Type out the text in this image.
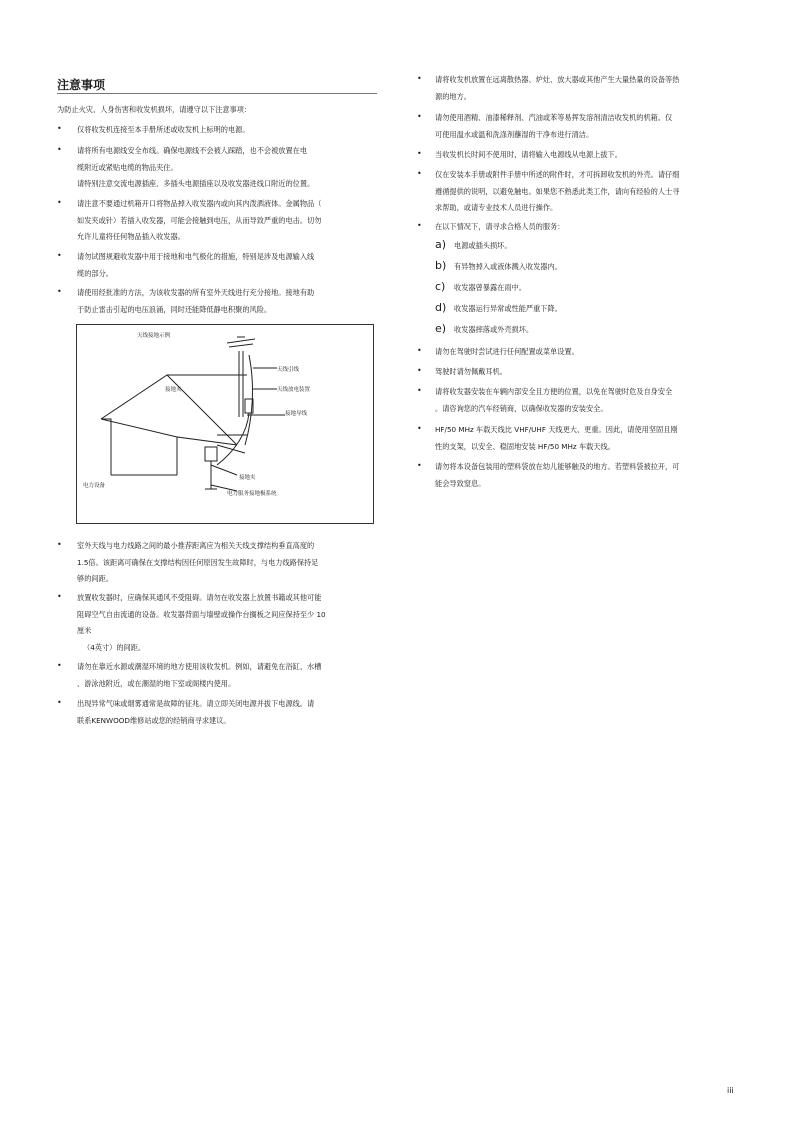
注意事项
为防止火灾、人身伤害和收发机损坏，请遵守以下注意事项：
• 仅将收发机连接至本手册所述或收发机上标明的电源。
• 请将所有电源线安全布线。确保电源线不会被人踩踏，也不会被放置在电
缆附近或紧贴电缆的物品夹住。
请特别注意交流电源插座、多插头电源插座以及收发器进线口附近的位置。
• 请注意不要通过机箱开口将物品掉入收发器内或向其内泼洒液体。金属物品（
如发夹或针）若插入收发器，可能会接触到电压，从而导致严重的电击。切勿
允许儿童将任何物品插入收发器。
• 请勿试图规避收发器中用于接地和电气极化的措施，特别是涉及电源输入线
缆的部分。
• 请使用经批准的方法，为该收发器的所有室外天线进行充分接地。接地有助
于防止雷击引起的电压浪涌，同时还能降低静电积聚的风险。
• 室外天线与电力线路之间的最小推荐距离应为相关天线支撑结构垂直高度的
1.5倍。该距离可确保在支撑结构因任何原因发生故障时，与电力线路保持足
够的间距。
• 放置收发器时，应确保其通风不受阻碍。请勿在收发器上放置书籍或其他可能
阻碍空气自由流通的设备。收发器背面与墙壁或操作台搁板之间应保持至少 10
厘米
（4英寸）的间距。
• 请勿在靠近水源或潮湿环境的地方使用该收发机。例如，请避免在浴缸、水槽
、游泳池附近，或在潮湿的地下室或阁楼内使用。
• 出现异常气味或烟雾通常是故障的征兆。请立即关闭电源并拔下电源线。请
联系KENWOOD维修站或您的经销商寻求建议。
天线接地示例
天线引线
天线放电装置
接地夹
接地导线
电力设备
接地夹
电力服务接地极系统
• 请将收发机放置在远离散热器、炉灶、放大器或其他产生大量热量的设备等热
源的地方。
• 请勿使用酒精、油漆稀释剂、汽油或苯等易挥发溶剂清洁收发机的机箱。仅
可使用温水或温和洗涤剂蘸湿的干净布进行清洁。
• 当收发机长时间不使用时，请将输入电源线从电源上拔下。
• 仅在安装本手册或附件手册中所述的附件时，才可拆卸收发机的外壳。请仔细
遵循提供的说明，以避免触电。如果您不熟悉此类工作，请向有经验的人士寻
求帮助，或请专业技术人员进行操作。
• 在以下情况下，请寻求合格人员的服务：
a) 电源或插头损坏。
b) 有异物掉入或液体溅入收发器内。
c) 收发器曾暴露在雨中。
d) 收发器运行异常或性能严重下降。
e) 收发器摔落或外壳损坏。
• 请勿在驾驶时尝试进行任何配置或菜单设置。
• 驾驶时请勿佩戴耳机。
• 请将收发器安装在车辆内部安全且方便的位置，以免在驾驶时危及自身安全
。请咨询您的汽车经销商，以确保收发器的安装安全。
• HF/50 MHz 车载天线比 VHF/UHF 天线更大、更重。因此，请使用坚固且刚
性的支架，以安全、稳固地安装 HF/50 MHz 车载天线。
• 请勿将本设备包装用的塑料袋放在幼儿能够触及的地方。若塑料袋被拉开，可
能会导致窒息。
iii
